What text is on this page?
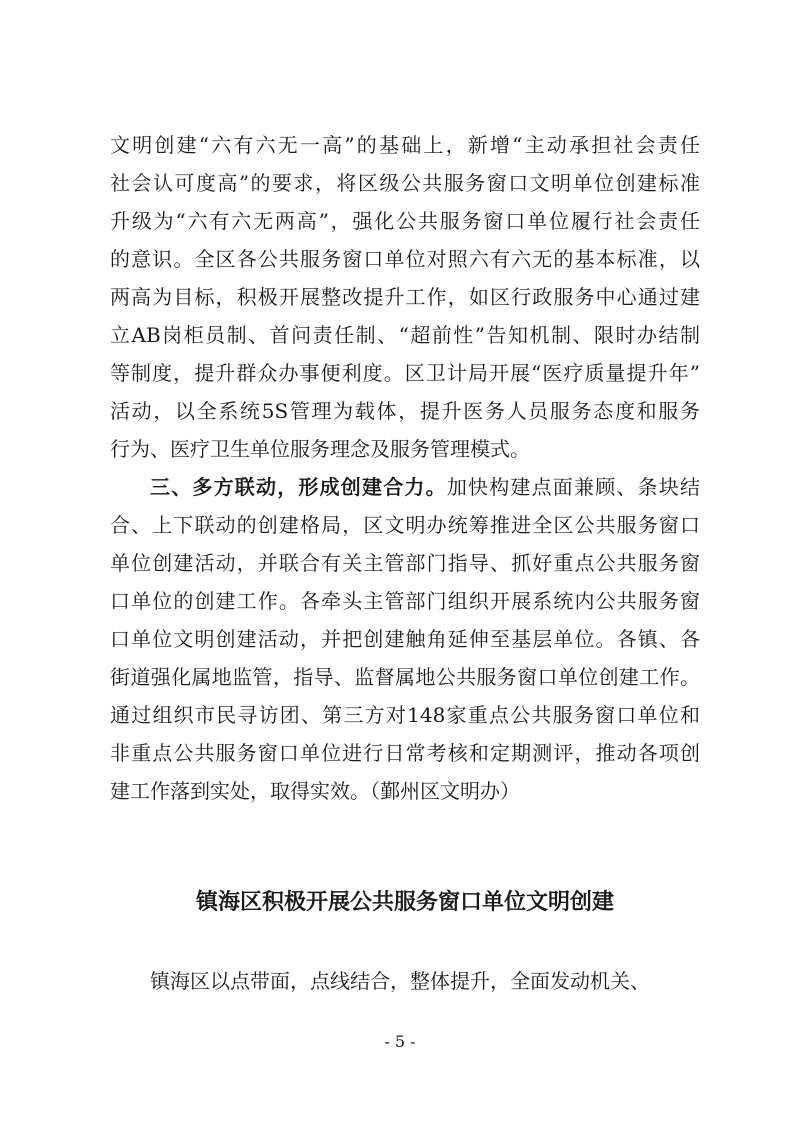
文明创建“六有六无一高”的基础上，新增“主动承担社会责任
社会认可度高”的要求，将区级公共服务窗口文明单位创建标准
升级为“六有六无两高”，强化公共服务窗口单位履行社会责任
的意识。全区各公共服务窗口单位对照六有六无的基本标准，以
两高为目标，积极开展整改提升工作，如区行政服务中心通过建
立AB岗柜员制、首问责任制、“超前性”告知机制、限时办结制
等制度，提升群众办事便利度。区卫计局开展“医疗质量提升年”
活动，以全系统5S管理为载体，提升医务人员服务态度和服务
行为、医疗卫生单位服务理念及服务管理模式。
三、多方联动，形成创建合力。加快构建点面兼顾、条块结
合、上下联动的创建格局，区文明办统筹推进全区公共服务窗口
单位创建活动，并联合有关主管部门指导、抓好重点公共服务窗
口单位的创建工作。各牵头主管部门组织开展系统内公共服务窗
口单位文明创建活动，并把创建触角延伸至基层单位。各镇、各
街道强化属地监管，指导、监督属地公共服务窗口单位创建工作。
通过组织市民寻访团、第三方对148家重点公共服务窗口单位和
非重点公共服务窗口单位进行日常考核和定期测评，推动各项创
建工作落到实处，取得实效。（鄞州区文明办）
镇海区积极开展公共服务窗口单位文明创建
镇海区以点带面，点线结合，整体提升，全面发动机关、
- 5 -
